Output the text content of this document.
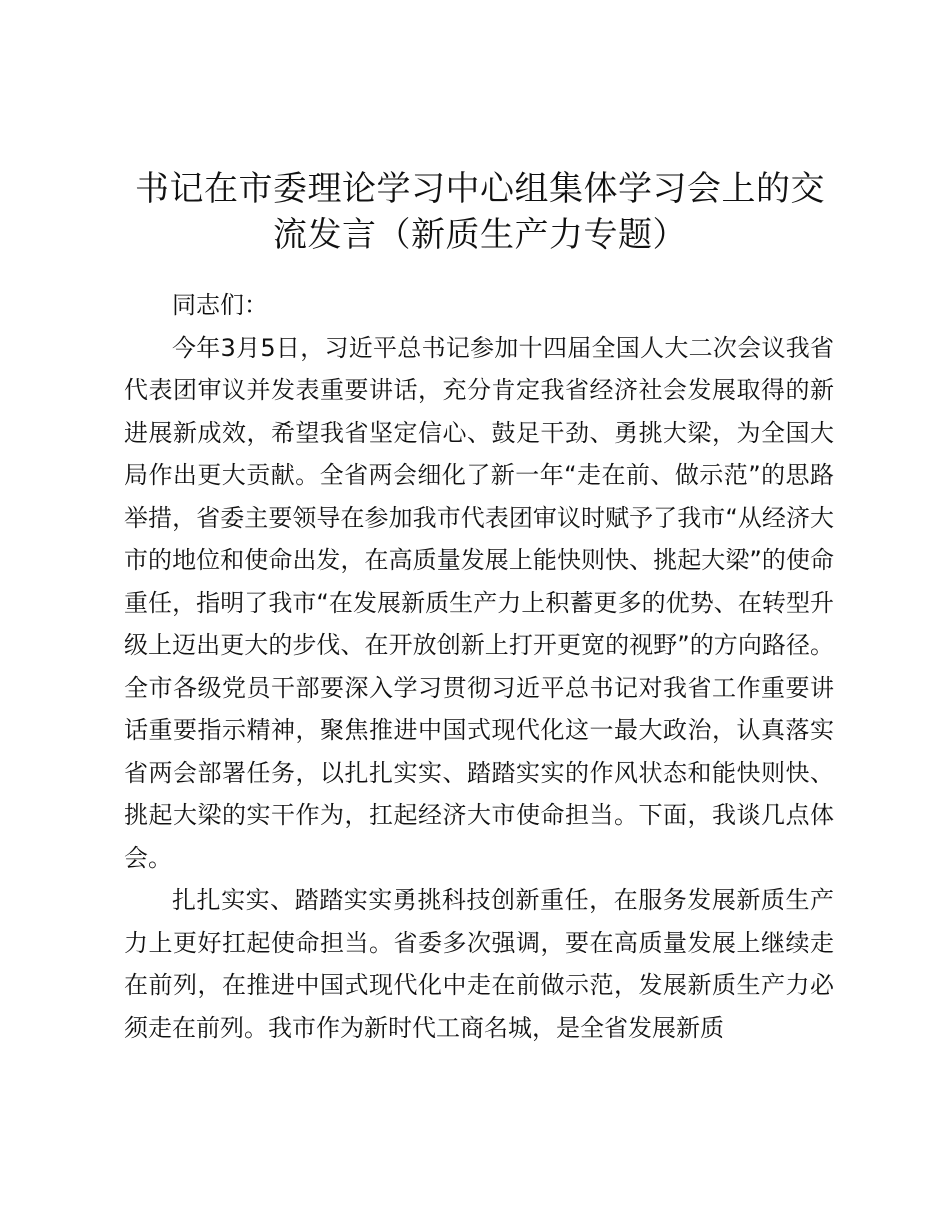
书记在市委理论学习中心组集体学习会上的交流发言（新质生产力专题）

同志们：

今年3月5日，习近平总书记参加十四届全国人大二次会议我省代表团审议并发表重要讲话，充分肯定我省经济社会发展取得的新进展新成效，希望我省坚定信心、鼓足干劲、勇挑大梁，为全国大局作出更大贡献。全省两会细化了新一年“走在前、做示范”的思路举措，省委主要领导在参加我市代表团审议时赋予了我市“从经济大市的地位和使命出发，在高质量发展上能快则快、挑起大梁”的使命重任，指明了我市“在发展新质生产力上积蓄更多的优势、在转型升级上迈出更大的步伐、在开放创新上打开更宽的视野”的方向路径。全市各级党员干部要深入学习贯彻习近平总书记对我省工作重要讲话重要指示精神，聚焦推进中国式现代化这一最大政治，认真落实省两会部署任务，以扎扎实实、踏踏实实的作风状态和能快则快、挑起大梁的实干作为，扛起经济大市使命担当。下面，我谈几点体会。

扎扎实实、踏踏实实勇挑科技创新重任，在服务发展新质生产力上更好扛起使命担当。省委多次强调，要在高质量发展上继续走在前列，在推进中国式现代化中走在前做示范，发展新质生产力必须走在前列。我市作为新时代工商名城，是全省发展新质
